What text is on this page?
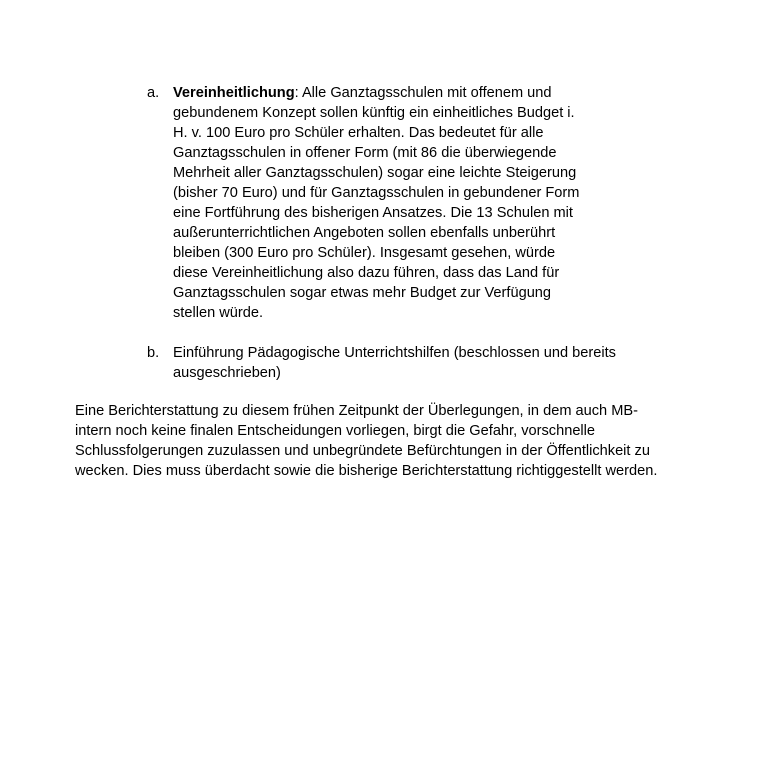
a. Vereinheitlichung: Alle Ganztagsschulen mit offenem und gebundenem Konzept sollen künftig ein einheitliches Budget i. H. v. 100 Euro pro Schüler erhalten. Das bedeutet für alle Ganztagsschulen in offener Form (mit 86 die überwiegende Mehrheit aller Ganztagsschulen) sogar eine leichte Steigerung (bisher 70 Euro) und für Ganztagsschulen in gebundener Form eine Fortführung des bisherigen Ansatzes. Die 13 Schulen mit außerunterrichtlichen Angeboten sollen ebenfalls unberührt bleiben (300 Euro pro Schüler). Insgesamt gesehen, würde diese Vereinheitlichung also dazu führen, dass das Land für Ganztagsschulen sogar etwas mehr Budget zur Verfügung stellen würde.
b. Einführung Pädagogische Unterrichtshilfen (beschlossen und bereits ausgeschrieben)

Eine Berichterstattung zu diesem frühen Zeitpunkt der Überlegungen, in dem auch MB-intern noch keine finalen Entscheidungen vorliegen, birgt die Gefahr, vorschnelle Schlussfolgerungen zuzulassen und unbegründete Befürchtungen in der Öffentlichkeit zu wecken. Dies muss überdacht sowie die bisherige Berichterstattung richtiggestellt werden.
